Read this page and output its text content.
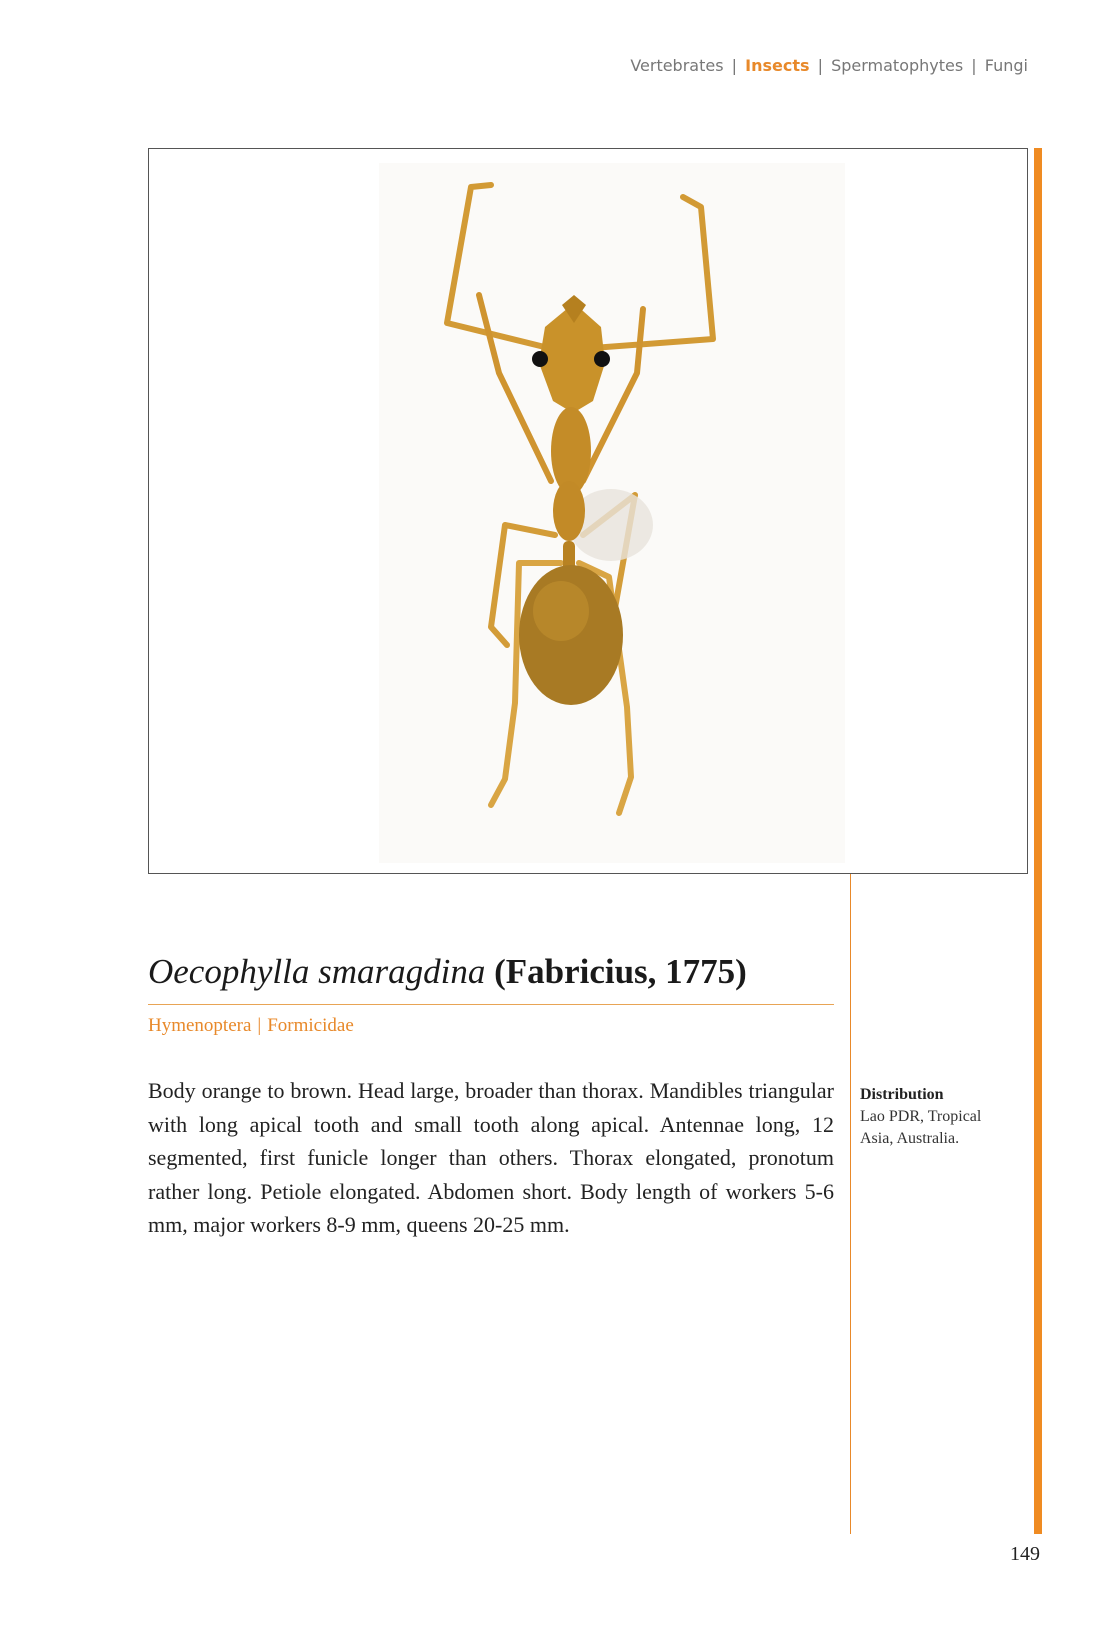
Vertebrates | Insects | Spermatophytes | Fungi
Oecophylla smaragdina (Fabricius, 1775)
Hymenoptera | Formicidae

Body orange to brown. Head large, broader than thorax. Mandibles triangular with long apical tooth and small tooth along apical. Antennae long, 12 segmented, first funicle longer than others. Thorax elongated, pronotum rather long. Petiole elongated. Abdomen short. Body length of workers 5-6 mm, major workers 8-9 mm, queens 20-25 mm.

Distribution
Lao PDR, Tropical Asia, Australia.
149
